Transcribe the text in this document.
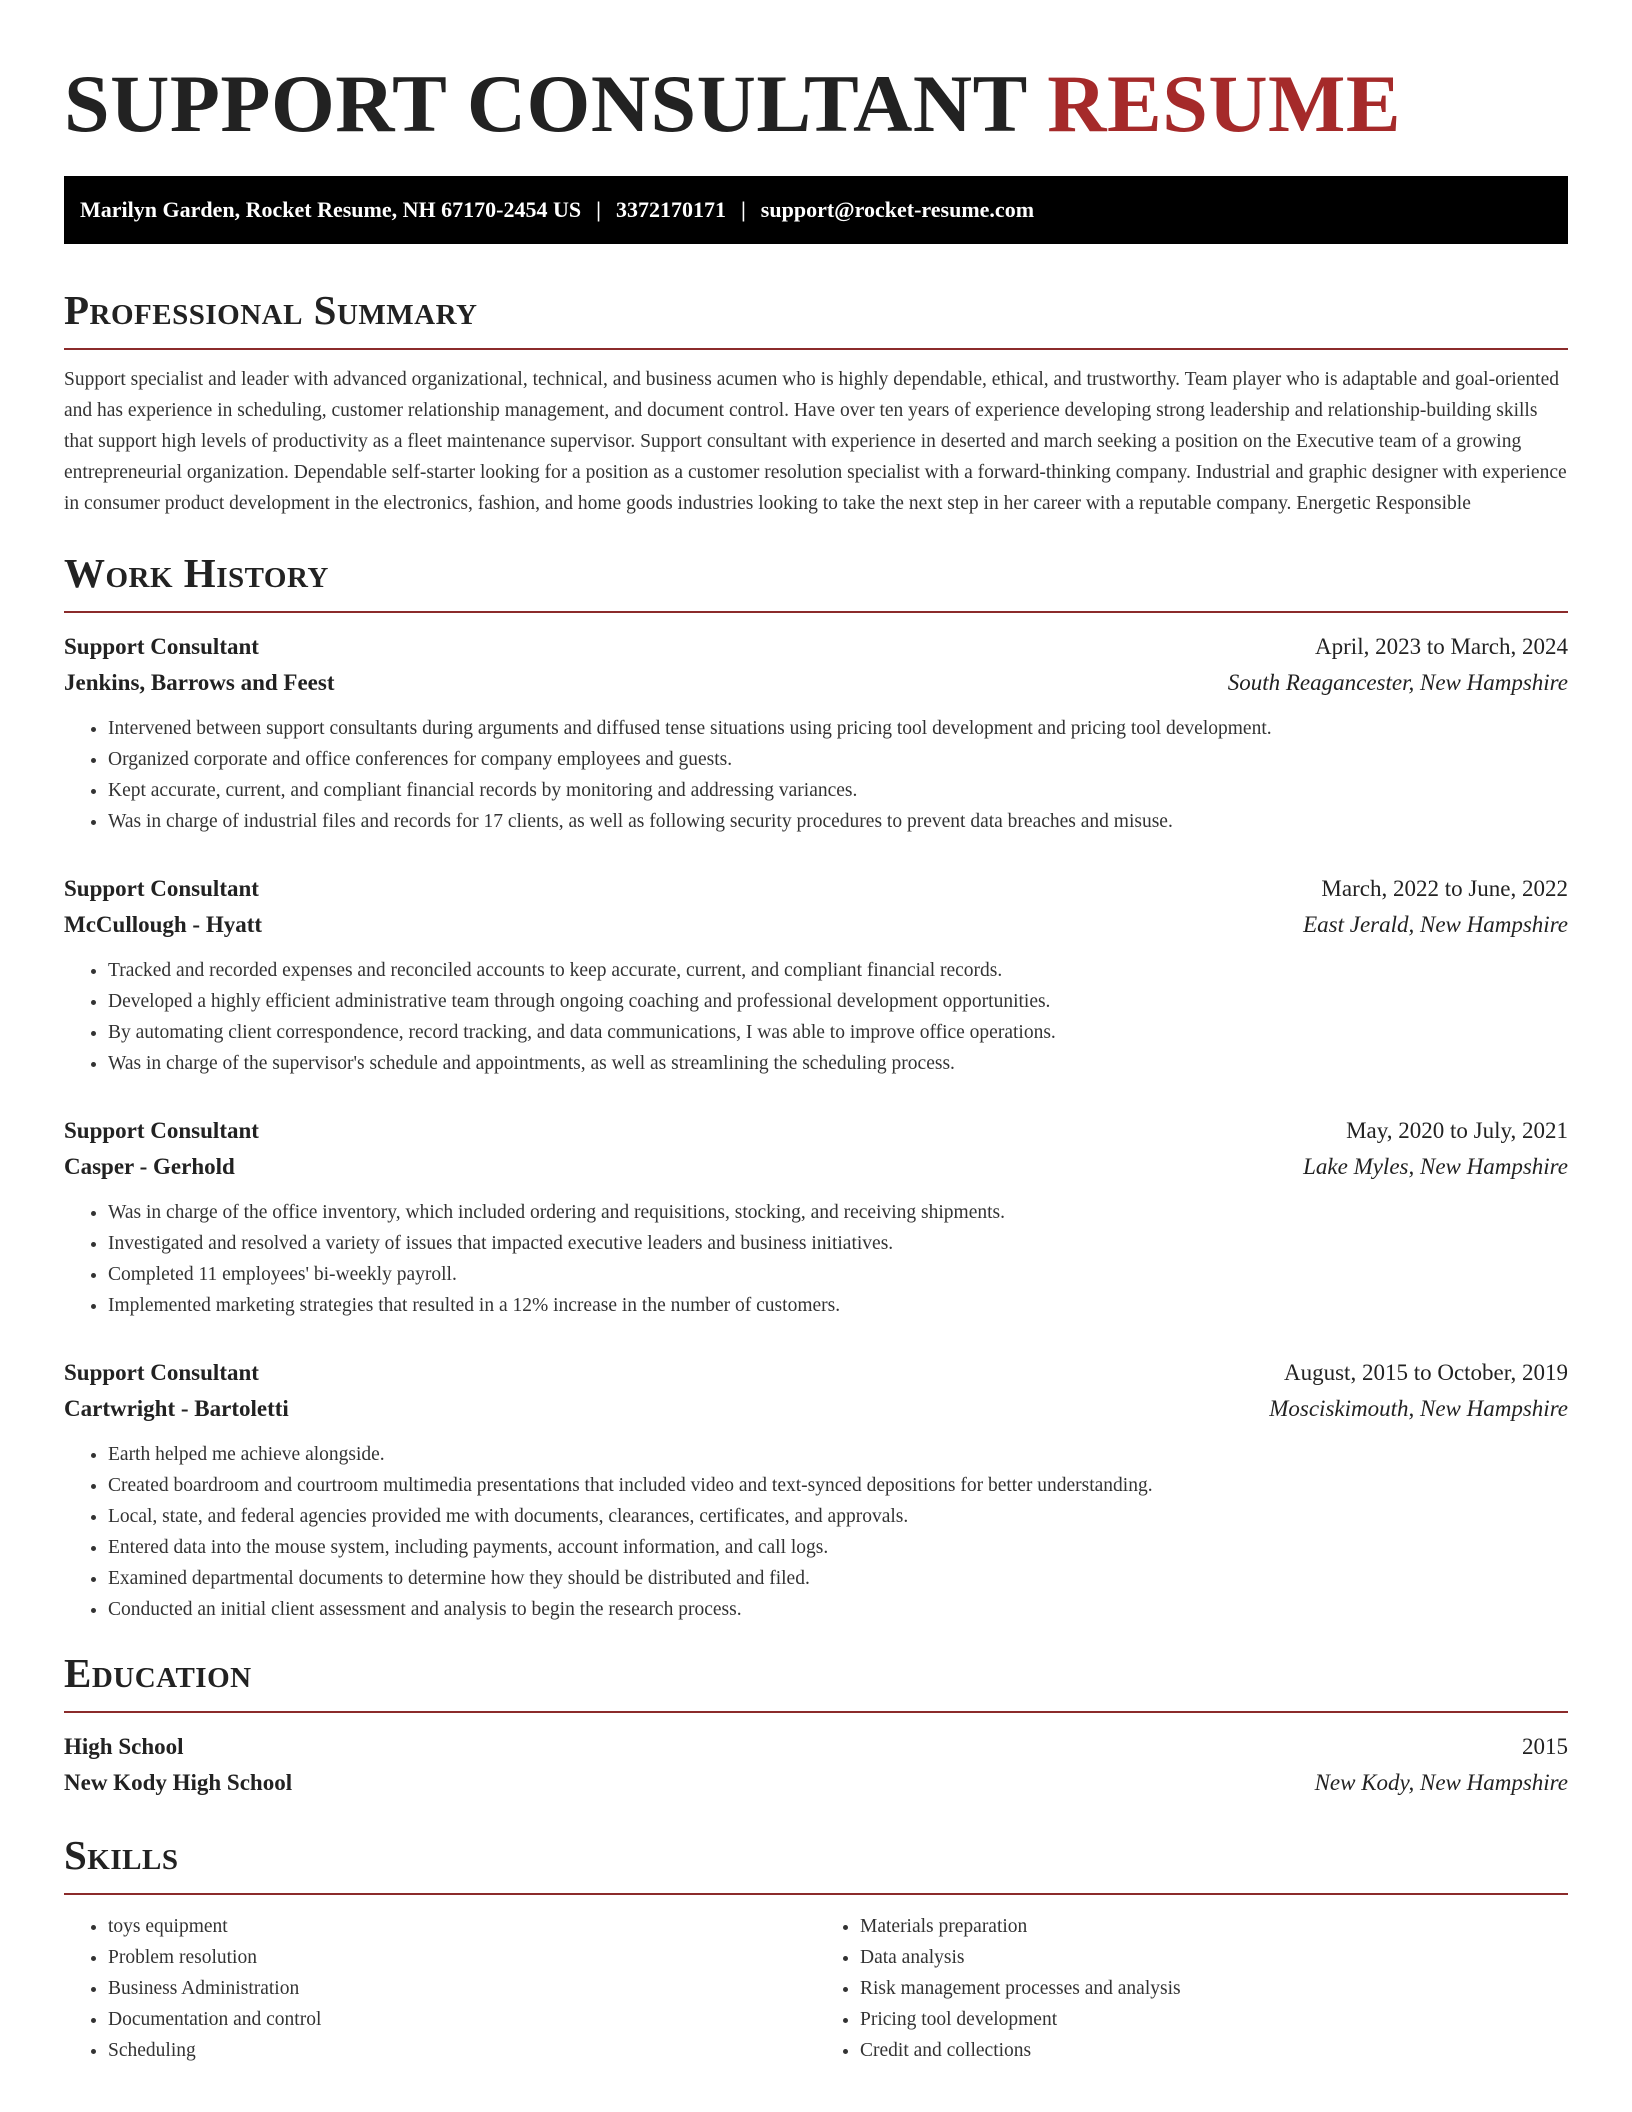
SUPPORT CONSULTANT RESUME
Marilyn Garden, Rocket Resume, NH 67170-2454 US | 3372170171 | support@rocket-resume.com
Professional Summary

Support specialist and leader with advanced organizational, technical, and business acumen who is highly dependable, ethical, and trustworthy. Team player who is adaptable and goal-oriented and has experience in scheduling, customer relationship management, and document control. Have over ten years of experience developing strong leadership and relationship-building skills that support high levels of productivity as a fleet maintenance supervisor. Support consultant with experience in deserted and march seeking a position on the Executive team of a growing entrepreneurial organization. Dependable self-starter looking for a position as a customer resolution specialist with a forward-thinking company. Industrial and graphic designer with experience in consumer product development in the electronics, fashion, and home goods industries looking to take the next step in her career with a reputable company. Energetic Responsible

Work History
Support Consultant	April, 2023 to March, 2024
Jenkins, Barrows and Feest	South Reagancester, New Hampshire
• Intervened between support consultants during arguments and diffused tense situations using pricing tool development and pricing tool development.
• Organized corporate and office conferences for company employees and guests.
• Kept accurate, current, and compliant financial records by monitoring and addressing variances.
• Was in charge of industrial files and records for 17 clients, as well as following security procedures to prevent data breaches and misuse.
Support Consultant	March, 2022 to June, 2022
McCullough - Hyatt	East Jerald, New Hampshire
• Tracked and recorded expenses and reconciled accounts to keep accurate, current, and compliant financial records.
• Developed a highly efficient administrative team through ongoing coaching and professional development opportunities.
• By automating client correspondence, record tracking, and data communications, I was able to improve office operations.
• Was in charge of the supervisor's schedule and appointments, as well as streamlining the scheduling process.
Support Consultant	May, 2020 to July, 2021
Casper - Gerhold	Lake Myles, New Hampshire
• Was in charge of the office inventory, which included ordering and requisitions, stocking, and receiving shipments.
• Investigated and resolved a variety of issues that impacted executive leaders and business initiatives.
• Completed 11 employees' bi-weekly payroll.
• Implemented marketing strategies that resulted in a 12% increase in the number of customers.
Support Consultant	August, 2015 to October, 2019
Cartwright - Bartoletti	Mosciskimouth, New Hampshire
• Earth helped me achieve alongside.
• Created boardroom and courtroom multimedia presentations that included video and text-synced depositions for better understanding.
• Local, state, and federal agencies provided me with documents, clearances, certificates, and approvals.
• Entered data into the mouse system, including payments, account information, and call logs.
• Examined departmental documents to determine how they should be distributed and filed.
• Conducted an initial client assessment and analysis to begin the research process.
Education
High School	2015
New Kody High School	New Kody, New Hampshire
Skills
• toys equipment
• Problem resolution
• Business Administration
• Documentation and control
• Scheduling
• Materials preparation
• Data analysis
• Risk management processes and analysis
• Pricing tool development
• Credit and collections
